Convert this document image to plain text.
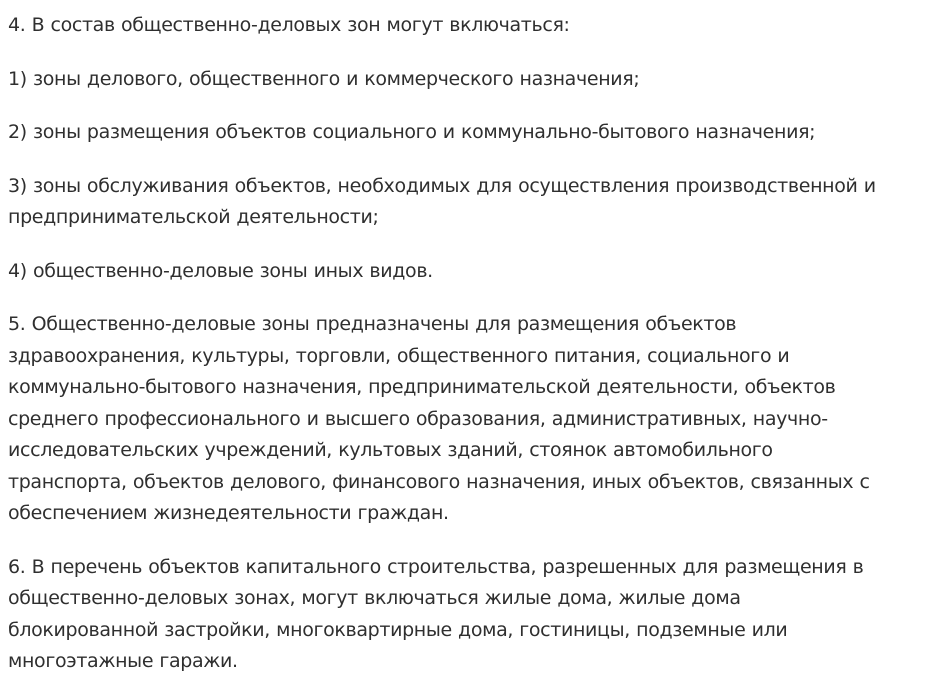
4. В состав общественно-деловых зон могут включаться:

1) зоны делового, общественного и коммерческого назначения;

2) зоны размещения объектов социального и коммунально-бытового назначения;

3) зоны обслуживания объектов, необходимых для осуществления производственной и
предпринимательской деятельности;

4) общественно-деловые зоны иных видов.

5. Общественно-деловые зоны предназначены для размещения объектов
здравоохранения, культуры, торговли, общественного питания, социального и
коммунально-бытового назначения, предпринимательской деятельности, объектов
среднего профессионального и высшего образования, административных, научно-
исследовательских учреждений, культовых зданий, стоянок автомобильного
транспорта, объектов делового, финансового назначения, иных объектов, связанных с
обеспечением жизнедеятельности граждан.

6. В перечень объектов капитального строительства, разрешенных для размещения в
общественно-деловых зонах, могут включаться жилые дома, жилые дома
блокированной застройки, многоквартирные дома, гостиницы, подземные или
многоэтажные гаражи.
